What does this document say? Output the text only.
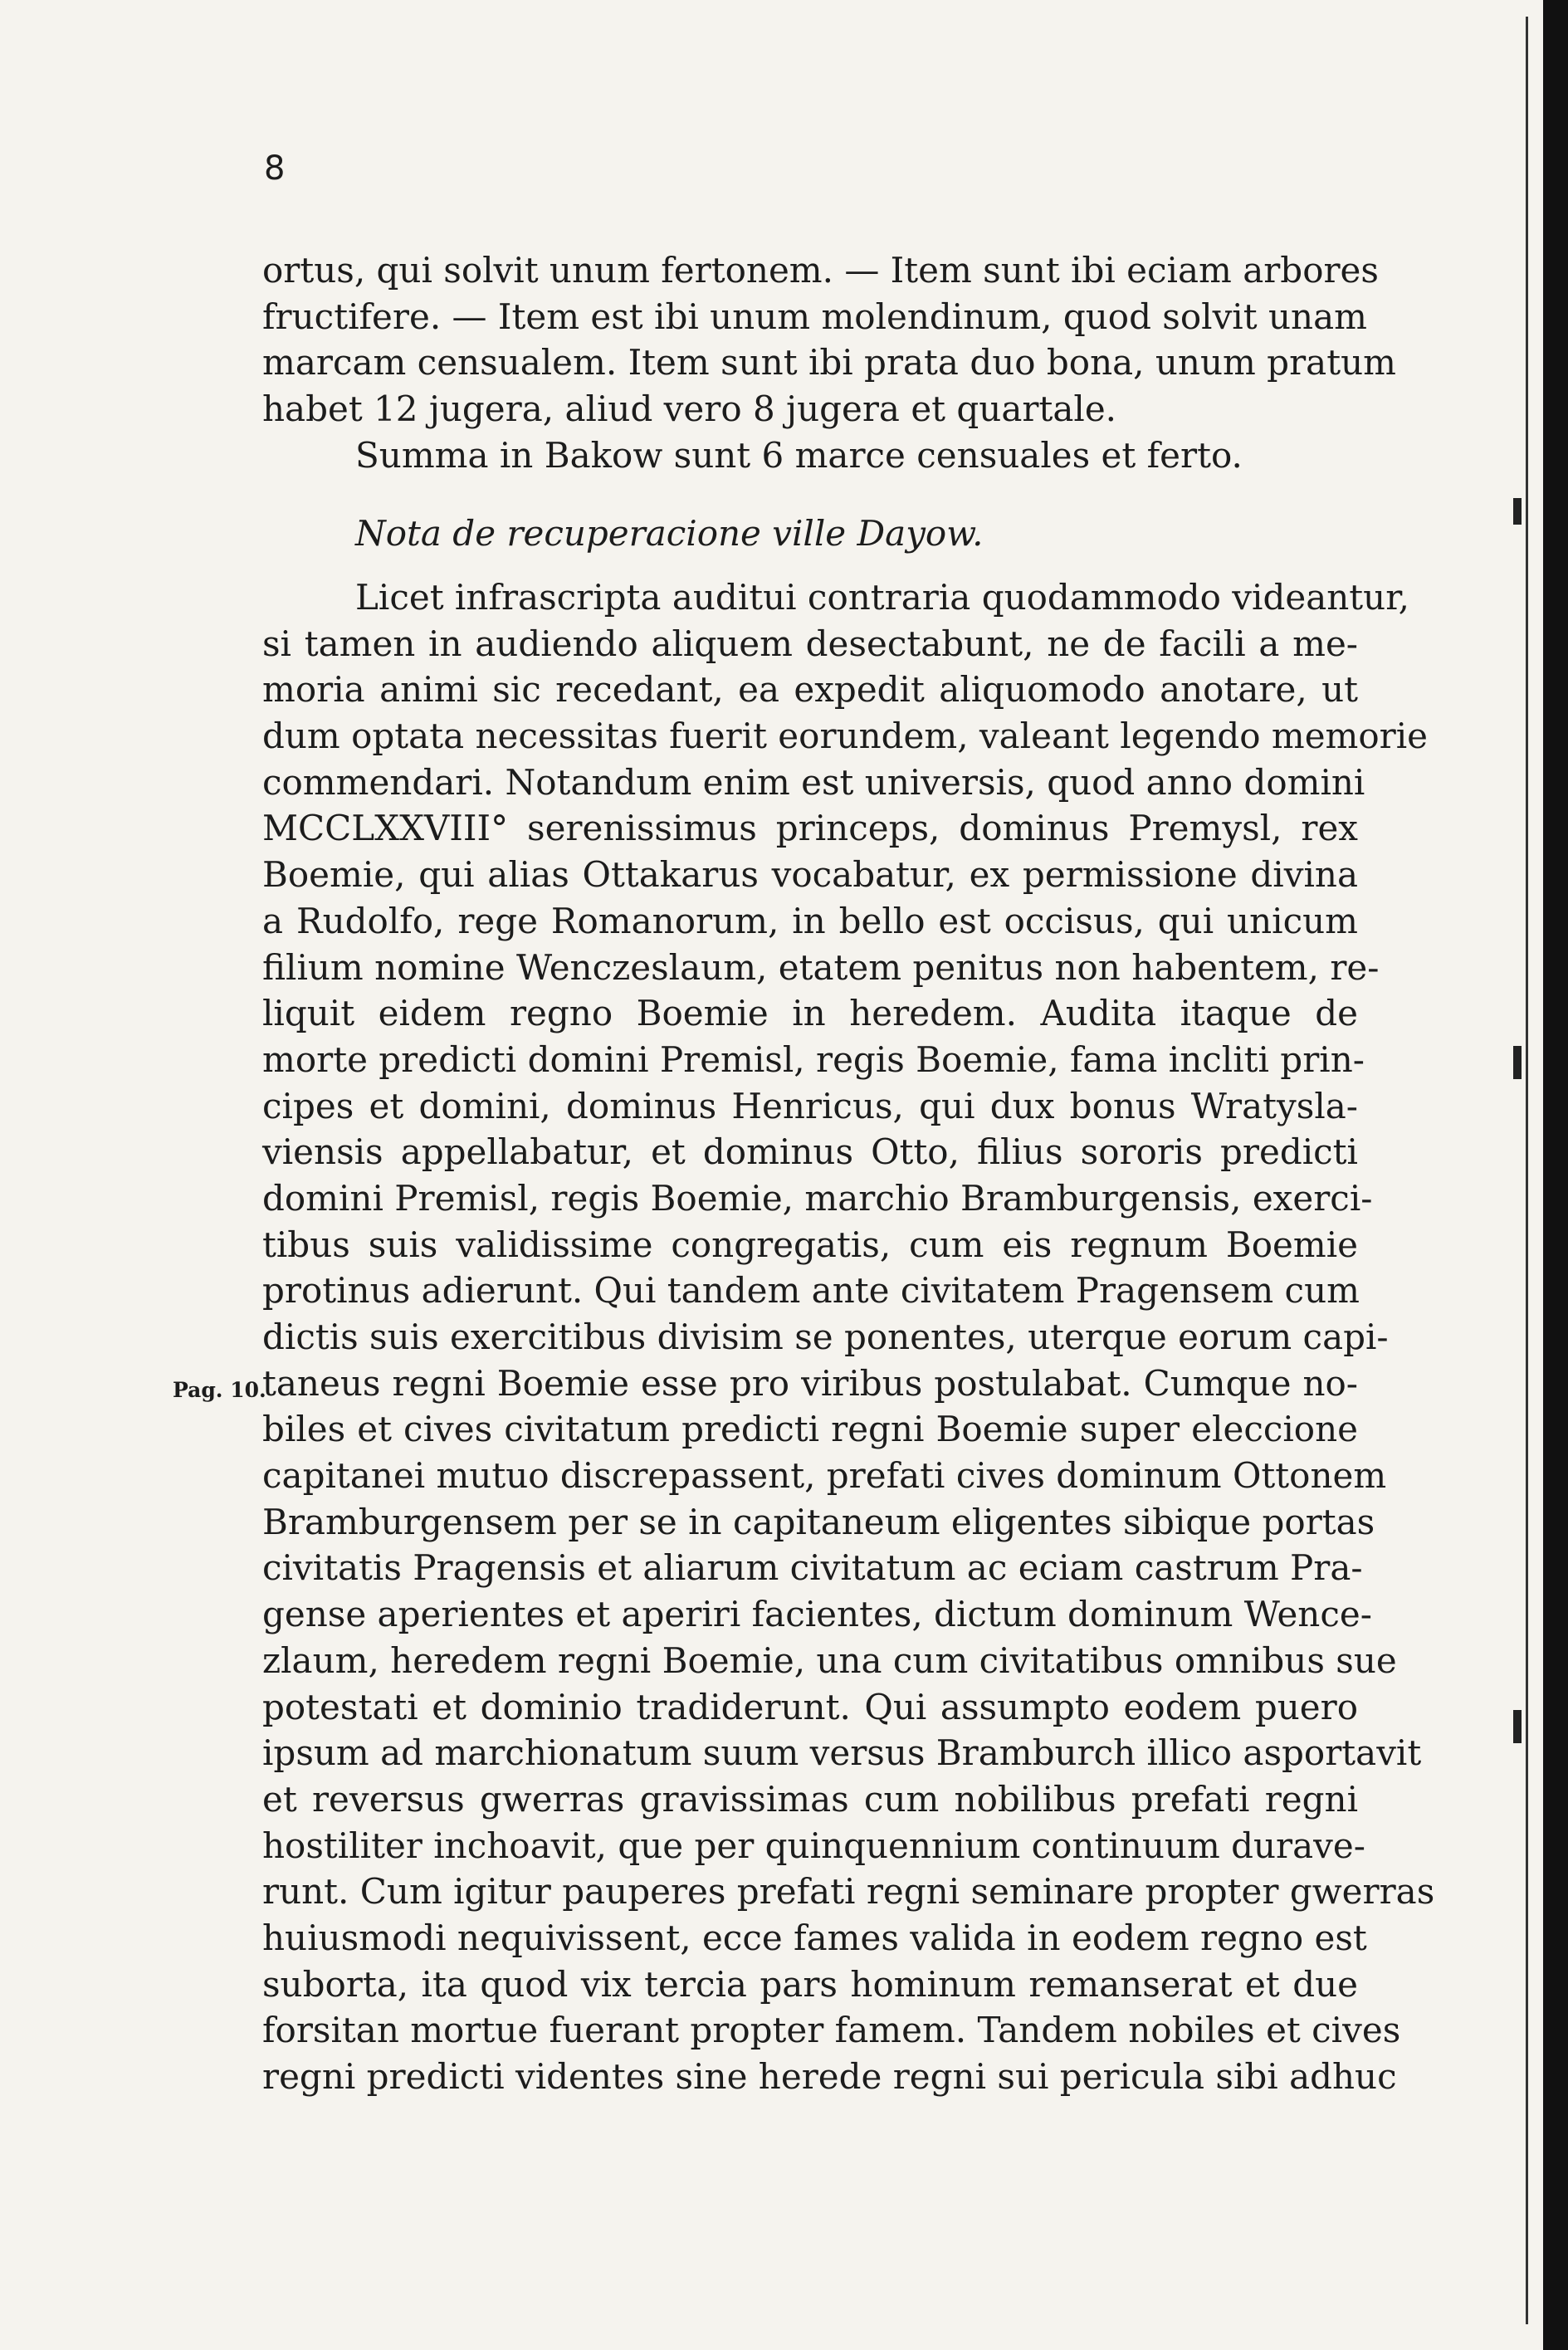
8
ortus, qui solvit unum fertonem. — Item sunt ibi eciam arbores
fructifere. — Item est ibi unum molendinum, quod solvit unam
marcam censualem. Item sunt ibi prata duo bona, unum pratum
habet 12 jugera, aliud vero 8 jugera et quartale.
Summa in Bakow sunt 6 marce censuales et ferto.
Nota de recuperacione ville Dayow.
Licet infrascripta auditui contraria quodammodo videantur,
si tamen in audiendo aliquem desectabunt, ne de facili a me-
moria animi sic recedant, ea expedit aliquomodo anotare, ut
dum optata necessitas fuerit eorundem, valeant legendo memorie
commendari. Notandum enim est universis, quod anno domini
MCCLXXVIII° serenissimus princeps, dominus Premysl, rex
Boemie, qui alias Ottakarus vocabatur, ex permissione divina
a Rudolfo, rege Romanorum, in bello est occisus, qui unicum
filium nomine Wenczeslaum, etatem penitus non habentem, re-
liquit eidem regno Boemie in heredem. Audita itaque de
morte predicti domini Premisl, regis Boemie, fama incliti prin-
cipes et domini, dominus Henricus, qui dux bonus Wratysla-
viensis appellabatur, et dominus Otto, filius sororis predicti
domini Premisl, regis Boemie, marchio Bramburgensis, exerci-
tibus suis validissime congregatis, cum eis regnum Boemie
protinus adierunt. Qui tandem ante civitatem Pragensem cum
dictis suis exercitibus divisim se ponentes, uterque eorum capi-
taneus regni Boemie esse pro viribus postulabat. Cumque no-
biles et cives civitatum predicti regni Boemie super eleccione
capitanei mutuo discrepassent, prefati cives dominum Ottonem
Bramburgensem per se in capitaneum eligentes sibique portas
civitatis Pragensis et aliarum civitatum ac eciam castrum Pra-
gense aperientes et aperiri facientes, dictum dominum Wence-
zlaum, heredem regni Boemie, una cum civitatibus omnibus sue
potestati et dominio tradiderunt. Qui assumpto eodem puero
ipsum ad marchionatum suum versus Bramburch illico asportavit
et reversus gwerras gravissimas cum nobilibus prefati regni
hostiliter inchoavit, que per quinquennium continuum durave-
runt. Cum igitur pauperes prefati regni seminare propter gwerras
huiusmodi nequivissent, ecce fames valida in eodem regno est
suborta, ita quod vix tercia pars hominum remanserat et due
forsitan mortue fuerant propter famem. Tandem nobiles et cives
regni predicti videntes sine herede regni sui pericula sibi adhuc
Pag. 10.
